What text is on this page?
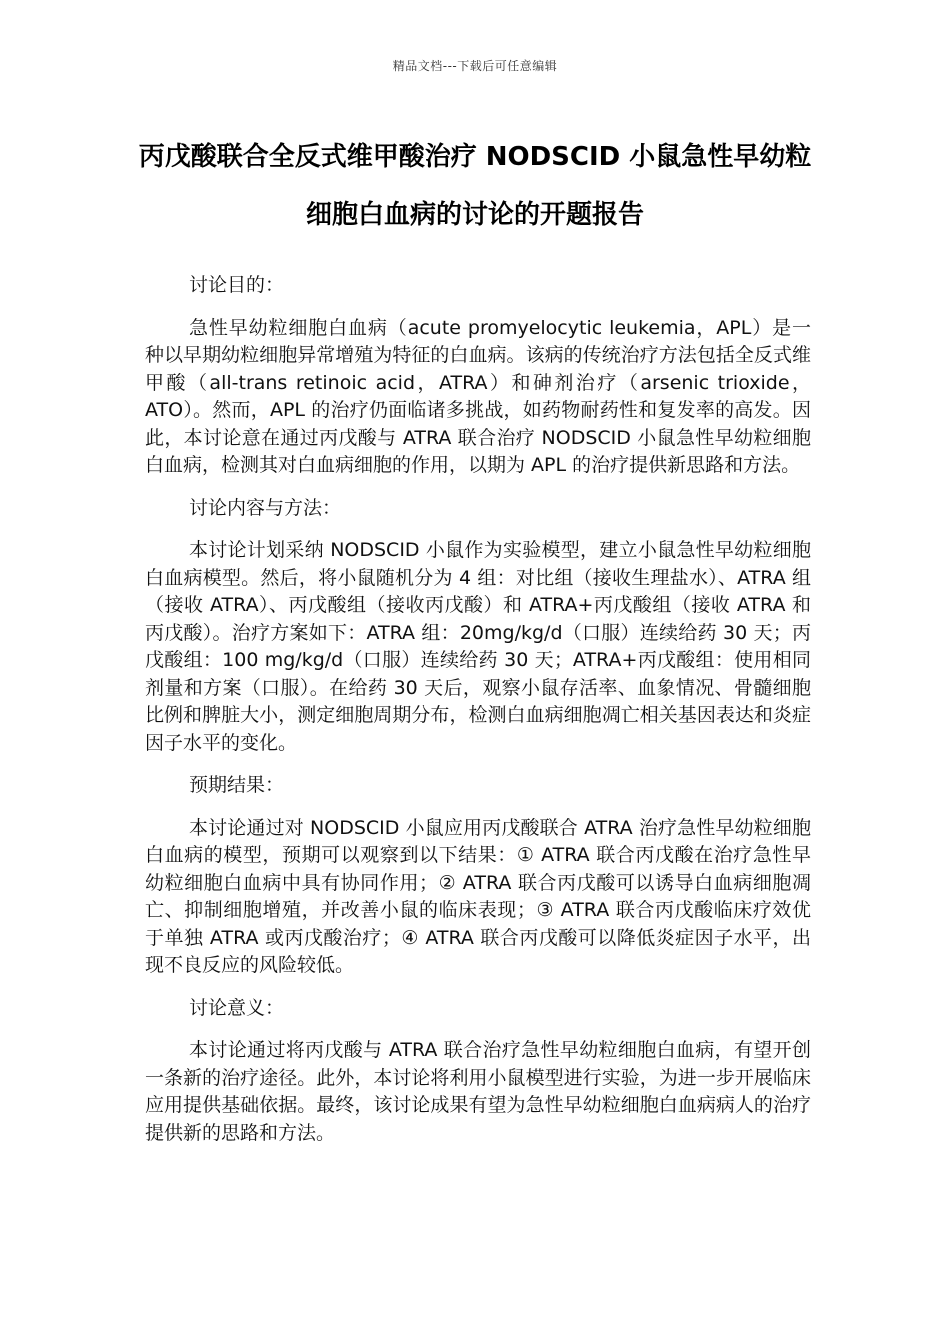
精品文档---下载后可任意编辑
丙戊酸联合全反式维甲酸治疗 NODSCID 小鼠急性早幼粒细胞白血病的讨论的开题报告
讨论目的：
急性早幼粒细胞白血病（acute promyelocytic leukemia，APL）是一种以早期幼粒细胞异常增殖为特征的白血病。该病的传统治疗方法包括全反式维甲酸（all-trans retinoic acid，ATRA）和砷剂治疗（arsenic trioxide，ATO）。然而，APL 的治疗仍面临诸多挑战，如药物耐药性和复发率的高发。因此，本讨论意在通过丙戊酸与 ATRA 联合治疗 NODSCID 小鼠急性早幼粒细胞白血病，检测其对白血病细胞的作用，以期为 APL 的治疗提供新思路和方法。
讨论内容与方法：
本讨论计划采纳 NODSCID 小鼠作为实验模型，建立小鼠急性早幼粒细胞白血病模型。然后，将小鼠随机分为 4 组：对比组（接收生理盐水）、ATRA 组（接收 ATRA）、丙戊酸组（接收丙戊酸）和 ATRA+丙戊酸组（接收 ATRA 和丙戊酸）。治疗方案如下：ATRA 组：20mg/kg/d（口服）连续给药 30 天；丙戊酸组：100 mg/kg/d（口服）连续给药 30 天；ATRA+丙戊酸组：使用相同剂量和方案（口服）。在给药 30 天后，观察小鼠存活率、血象情况、骨髓细胞比例和脾脏大小，测定细胞周期分布，检测白血病细胞凋亡相关基因表达和炎症因子水平的变化。
预期结果：
本讨论通过对 NODSCID 小鼠应用丙戊酸联合 ATRA 治疗急性早幼粒细胞白血病的模型，预期可以观察到以下结果：① ATRA 联合丙戊酸在治疗急性早幼粒细胞白血病中具有协同作用；② ATRA 联合丙戊酸可以诱导白血病细胞凋亡、抑制细胞增殖，并改善小鼠的临床表现；③ ATRA 联合丙戊酸临床疗效优于单独 ATRA 或丙戊酸治疗；④ ATRA 联合丙戊酸可以降低炎症因子水平，出现不良反应的风险较低。
讨论意义：
本讨论通过将丙戊酸与 ATRA 联合治疗急性早幼粒细胞白血病，有望开创一条新的治疗途径。此外，本讨论将利用小鼠模型进行实验，为进一步开展临床应用提供基础依据。最终，该讨论成果有望为急性早幼粒细胞白血病病人的治疗提供新的思路和方法。
